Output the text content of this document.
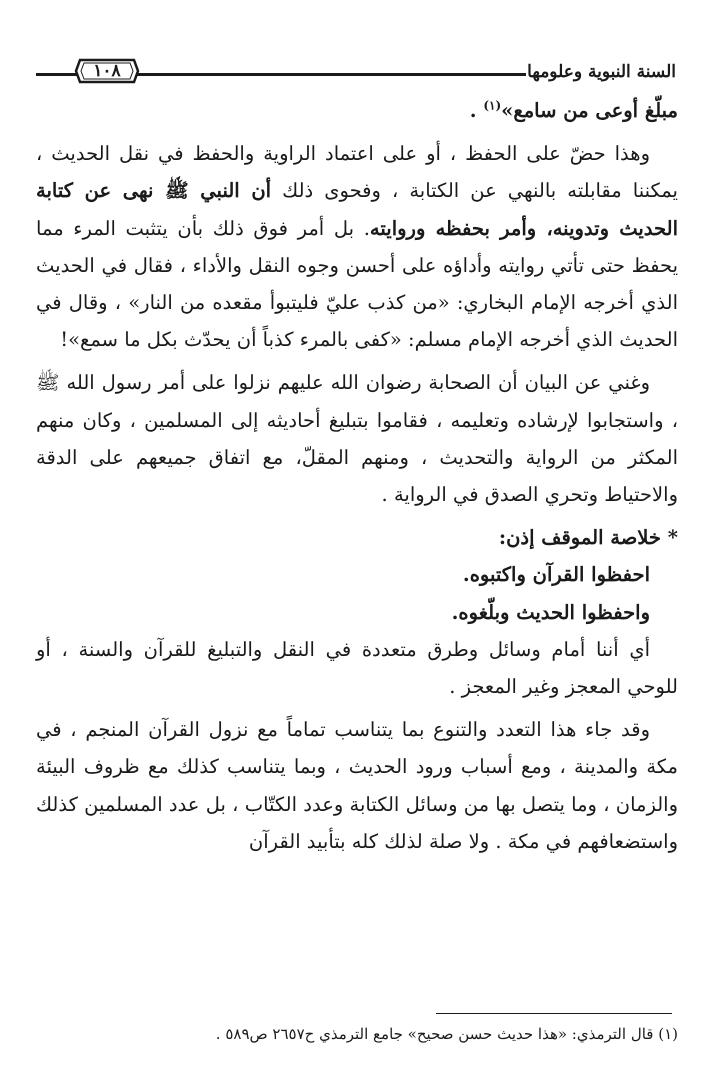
١٠٨	السنة النبوية وعلومها

مبلّغ أوعى من سامع»$^{(١)}$ .

وهذا حضّ على الحفظ ، أو على اعتماد الراوية والحفظ في نقل الحديث ، يمكننا مقابلته بالنهي عن الكتابة ، وفحوى ذلك أن النبي ﷺ نهى عن كتابة الحديث وتدوينه، وأمر بحفظه وروايته. بل أمر فوق ذلك بأن يتثبت المرء مما يحفظ حتى تأتي روايته وأداؤه على أحسن وجوه النقل والأداء ، فقال في الحديث الذي أخرجه الإمام البخاري: «من كذب عليّ فليتبوأ مقعده من النار» ، وقال في الحديث الذي أخرجه الإمام مسلم: «كفى بالمرء كذباً أن يحدّث بكل ما سمع»!

وغني عن البيان أن الصحابة رضوان الله عليهم نزلوا على أمر رسول الله ﷺ ، واستجابوا لإرشاده وتعليمه ، فقاموا بتبليغ أحاديثه إلى المسلمين ، وكان منهم المكثر من الرواية والتحديث ، ومنهم المقلّ، مع اتفاق جميعهم على الدقة والاحتياط وتحري الصدق في الرواية .

* خلاصة الموقف إذن:

احفظوا القرآن واكتبوه.

واحفظوا الحديث وبلّغوه.

أي أننا أمام وسائل وطرق متعددة في النقل والتبليغ للقرآن والسنة ، أو للوحي المعجز وغير المعجز .

وقد جاء هذا التعدد والتنوع بما يتناسب تماماً مع نزول القرآن المنجم ، في مكة والمدينة ، ومع أسباب ورود الحديث ، وبما يتناسب كذلك مع ظروف البيئة والزمان ، وما يتصل بها من وسائل الكتابة وعدد الكتّاب ، بل عدد المسلمين كذلك واستضعافهم في مكة . ولا صلة لذلك كله بتأبيد القرآن

(١) قال الترمذي: «هذا حديث حسن صحيح» جامع الترمذي ح٢٦٥٧ ص٥٨٩ .
